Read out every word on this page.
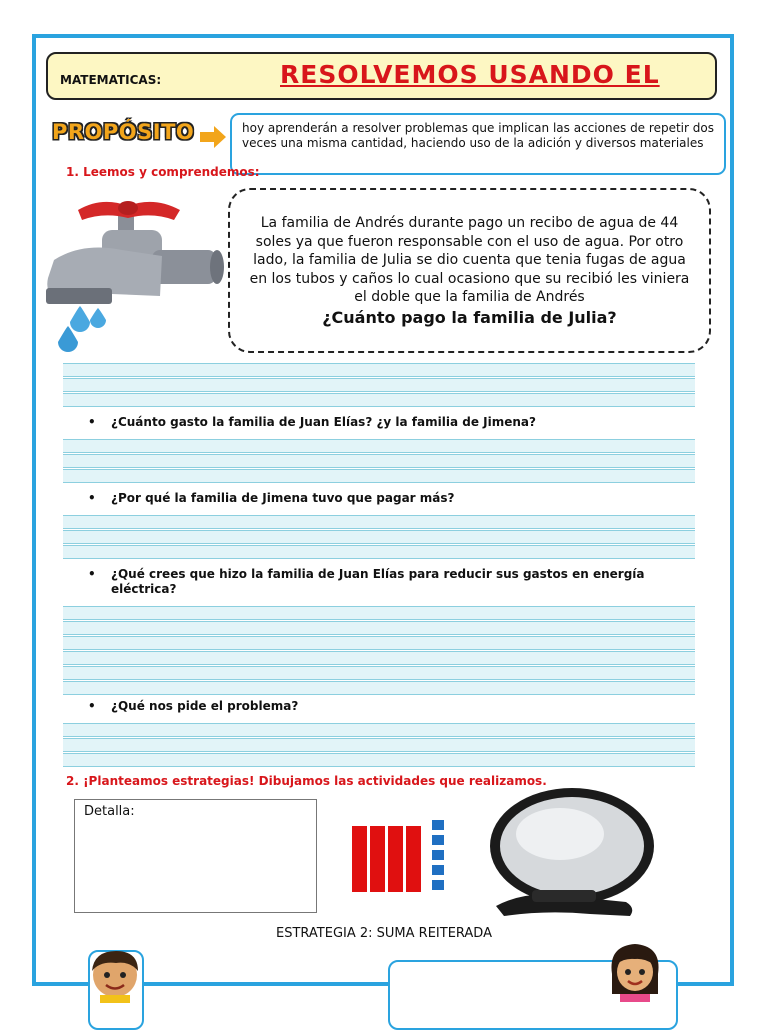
MATEMATICAS:	RESOLVEMOS USANDO EL
PROPÓSITO	hoy aprenderán a resolver problemas que implican las acciones de repetir dos veces una misma cantidad, haciendo uso de la adición y diversos materiales
1. Leemos y comprendemos:
La familia de Andrés durante pago un recibo de agua de 44 soles ya que fueron responsable con el uso de agua. Por otro lado, la familia de Julia se dio cuenta que tenia fugas de agua en los tubos y caños lo cual ocasiono que su recibió les viniera el doble que la familia de Andrés
¿Cuánto pago la familia de Julia?
• ¿Cuánto gasto la familia de Juan Elías? ¿y la familia de Jimena?
• ¿Por qué la familia de Jimena tuvo que pagar más?
• ¿Qué crees que hizo la familia de Juan Elías para reducir sus gastos en energía
eléctrica?
• ¿Qué nos pide el problema?
2. ¡Planteamos estrategias! Dibujamos las actividades que realizamos.
Detalla:
ESTRATEGIA 2: SUMA REITERADA
